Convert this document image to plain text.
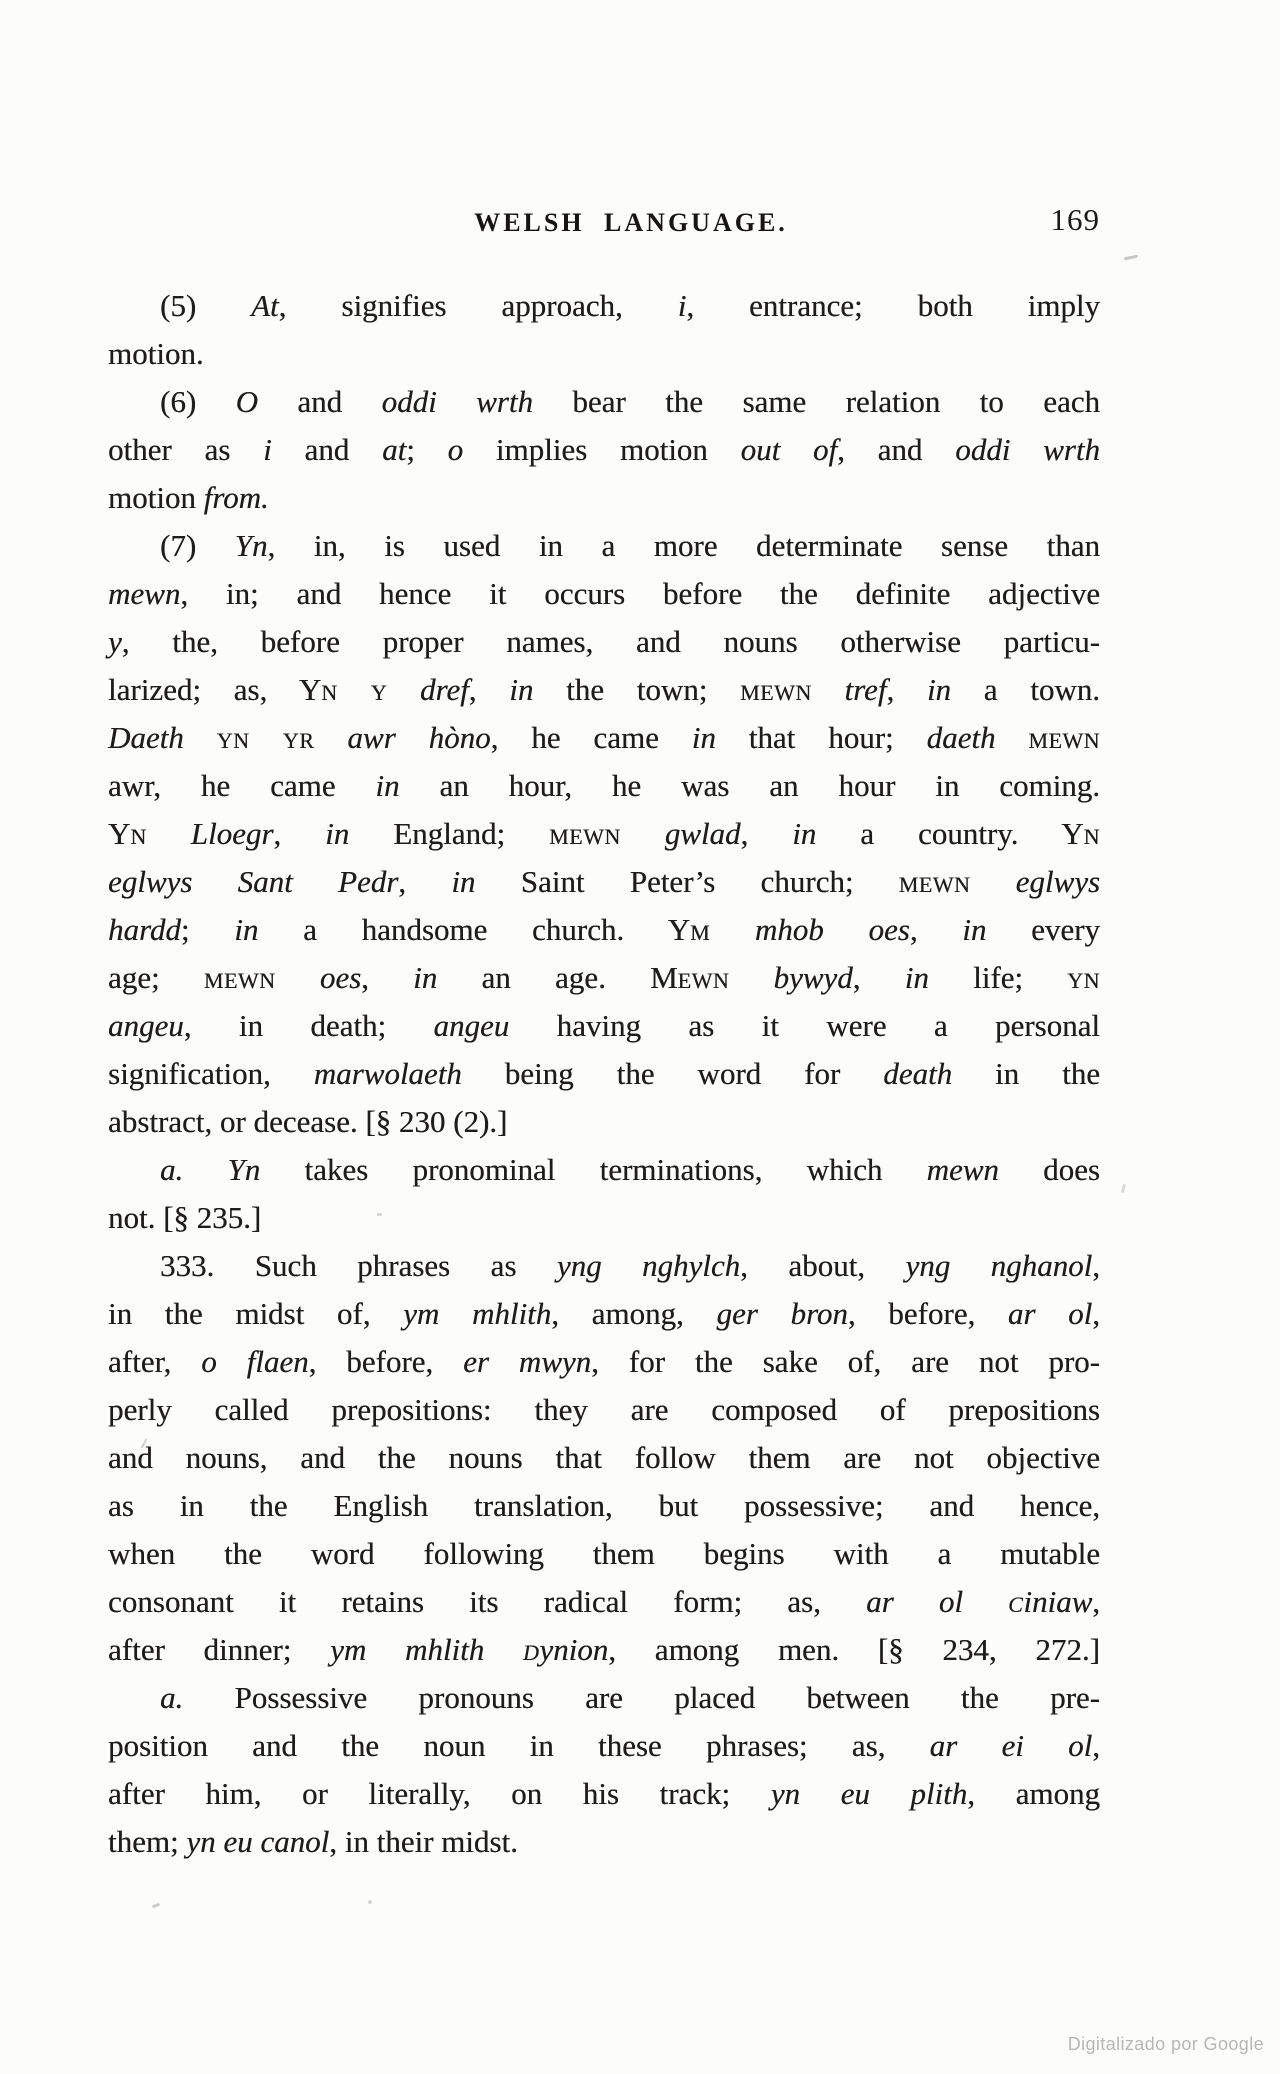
WELSH LANGUAGE.	169
(5) At, signifies approach, i, entrance; both imply
motion.
(6) O and oddi wrth bear the same relation to each
other as i and at; o implies motion out of, and oddi wrth
motion from.
(7) Yn, in, is used in a more determinate sense than
mewn, in; and hence it occurs before the definite adjective
y, the, before proper names, and nouns otherwise particu-
larized; as, Yn y dref, in the town; mewn tref, in a town.
Daeth yn yr awr hòno, he came in that hour; daeth mewn
awr, he came in an hour, he was an hour in coming.
Yn Lloegr, in England; mewn gwlad, in a country. Yn
eglwys Sant Pedr, in Saint Peter’s church; mewn eglwys
hardd; in a handsome church. Ym mhob oes, in every
age; mewn oes, in an age. Mewn bywyd, in life; yn
angeu, in death; angeu having as it were a personal
signification, marwolaeth being the word for death in the
abstract, or decease. [§ 230 (2).]
a. Yn takes pronominal terminations, which mewn does
not. [§ 235.]
333. Such phrases as yng nghylch, about, yng nghanol,
in the midst of, ym mhlith, among, ger bron, before, ar ol,
after, o flaen, before, er mwyn, for the sake of, are not pro-
perly called prepositions: they are composed of prepositions
and nouns, and the nouns that follow them are not objective
as in the English translation, but possessive; and hence,
when the word following them begins with a mutable
consonant it retains its radical form; as, ar ol ciniaw,
after dinner; ym mhlith dynion, among men. [§ 234, 272.]
a. Possessive pronouns are placed between the pre-
position and the noun in these phrases; as, ar ei ol,
after him, or literally, on his track; yn eu plith, among
them; yn eu canol, in their midst.
Digitalizado por Google
